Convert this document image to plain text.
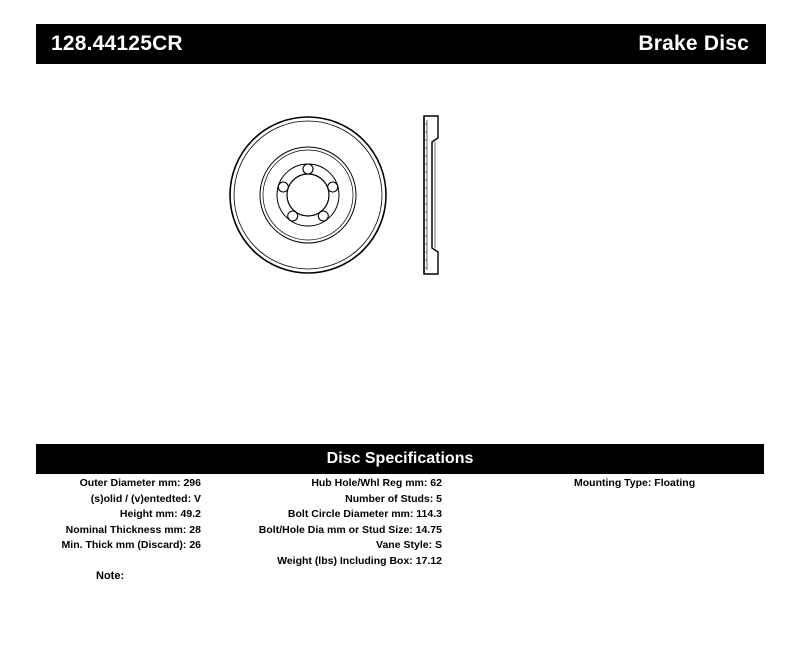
128.44125CR	Brake Disc
Disc Specifications
Outer Diameter mm: 296
(s)olid / (v)entedted: V
Height mm: 49.2
Nominal Thickness mm: 28
Min. Thick mm (Discard): 26
Hub Hole/Whl Reg mm: 62
Number of Studs: 5
Bolt Circle Diameter mm: 114.3
Bolt/Hole Dia mm or Stud Size: 14.75
Vane Style: S
Weight (lbs) Including Box: 17.12
Mounting Type: Floating
Note:
